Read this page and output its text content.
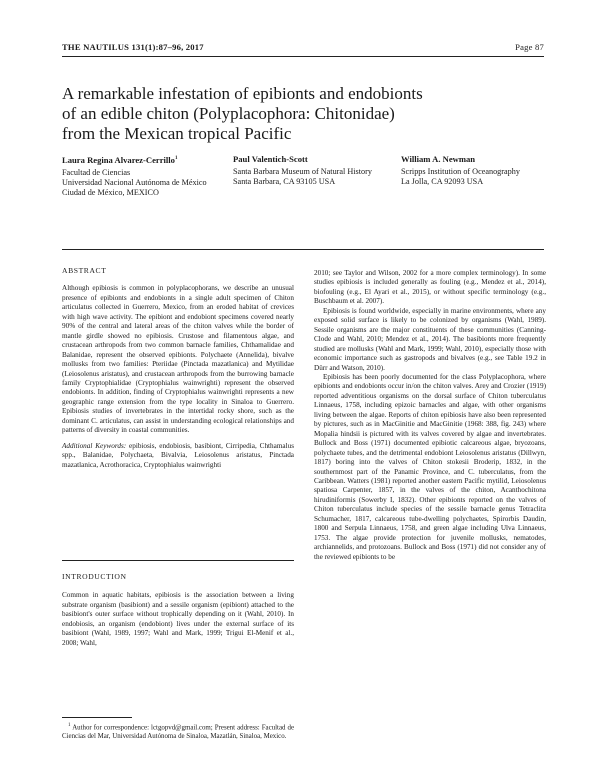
THE NAUTILUS 131(1):87–96, 2017	Page 87
A remarkable infestation of epibionts and endobionts
of an edible chiton (Polyplacophora: Chitonidae)
from the Mexican tropical Pacific
Laura Regina Alvarez-Cerrillo$^1$
Facultad de Ciencias
Universidad Nacional Autónoma de México
Ciudad de México, MEXICO
Paul Valentich-Scott
Santa Barbara Museum of Natural History
Santa Barbara, CA 93105 USA
William A. Newman
Scripps Institution of Oceanography
La Jolla, CA 92093 USA
ABSTRACT

Although epibiosis is common in polyplacophorans, we describe an unusual presence of epibionts and endobionts in a single adult specimen of Chiton articulatus collected in Guerrero, Mexico, from an eroded habitat of crevices with high wave activity. The epibiont and endobiont specimens covered nearly 90% of the central and lateral areas of the chiton valves while the border of mantle girdle showed no epibiosis. Crustose and filamentous algae, and crustacean arthropods from two common barnacle families, Chthamalidae and Balanidae, represent the observed epibionts. Polychaete (Annelida), bivalve mollusks from two families: Pteriidae (Pinctada mazatlanica) and Mytilidae (Leiosolenus aristatus), and crustacean arthropods from the burrowing barnacle family Cryptophialidae (Cryptophialus wainwrighti) represent the observed endobionts. In addition, finding of Cryptophialus wainwrighti represents a new geographic range extension from the type locality in Sinaloa to Guerrero. Epibiosis studies of invertebrates in the intertidal rocky shore, such as the dominant C. articulatus, can assist in understanding ecological relationships and patterns of diversity in coastal communities.

Additional Keywords: epibiosis, endobiosis, basibiont, Cirripedia, Chthamalus spp., Balanidae, Polychaeta, Bivalvia, Leiosolenus aristatus, Pinctada mazatlanica, Acrothoracica, Cryptophialus wainwrighti

INTRODUCTION

Common in aquatic habitats, epibiosis is the association between a living substrate organism (basibiont) and a sessile organism (epibiont) attached to the basibiont's outer surface without trophically depending on it (Wahl, 2010). In endobiosis, an organism (endobiont) lives under the external surface of its basibiont (Wahl, 1989, 1997; Wahl and Mark, 1999; Trigui El-Menif et al., 2008; Wahl,

$^1$ Author for correspondence: lctgopvd@gmail.com; Present address: Facultad de Ciencias del Mar, Universidad Autónoma de Sinaloa, Mazatlán, Sinaloa, Mexico.

2010; see Taylor and Wilson, 2002 for a more complex terminology). In some studies epibiosis is included generally as fouling (e.g., Mendez et al., 2014), biofouling (e.g., El Ayari et al., 2015), or without specific terminology (e.g., Buschbaum et al. 2007).

Epibiosis is found worldwide, especially in marine environments, where any exposed solid surface is likely to be colonized by organisms (Wahl, 1989). Sessile organisms are the major constituents of these communities (Canning-Clode and Wahl, 2010; Mendez et al., 2014). The basibionts more frequently studied are mollusks (Wahl and Mark, 1999; Wahl, 2010), especially those with economic importance such as gastropods and bivalves (e.g., see Table 19.2 in Dürr and Watson, 2010).

Epibiosis has been poorly documented for the class Polyplacophora, where epibionts and endobionts occur in/on the chiton valves. Arey and Crozier (1919) reported adventitious organisms on the dorsal surface of Chiton tuberculatus Linnaeus, 1758, including epizoic barnacles and algae, with other organisms living between the algae. Reports of chiton epibiosis have also been represented by pictures, such as in MacGinitie and MacGinitie (1968: 388, fig. 243) where Mopalia hindsii is pictured with its valves covered by algae and invertebrates. Bullock and Boss (1971) documented epibiotic calcareous algae, bryozoans, polychaete tubes, and the detrimental endobiont Leiosolenus aristatus (Dillwyn, 1817) boring into the valves of Chiton stokesii Broderip, 1832, in the southernmost part of the Panamic Province, and C. tuberculatus, from the Caribbean. Watters (1981) reported another eastern Pacific mytilid, Leiosolenus spatiosa Carpenter, 1857, in the valves of the chiton, Acanthochitona hirudiniformis (Sowerby I, 1832). Other epibionts reported on the valves of Chiton tuberculatus include species of the sessile barnacle genus Tetraclita Schumacher, 1817, calcareous tube-dwelling polychaetes, Spirorbis Daudin, 1800 and Serpula Linnaeus, 1758, and green algae including Ulva Linnaeus, 1753. The algae provide protection for juvenile mollusks, nematodes, archiannelids, and protozoans. Bullock and Boss (1971) did not consider any of the reviewed epibionts to be
